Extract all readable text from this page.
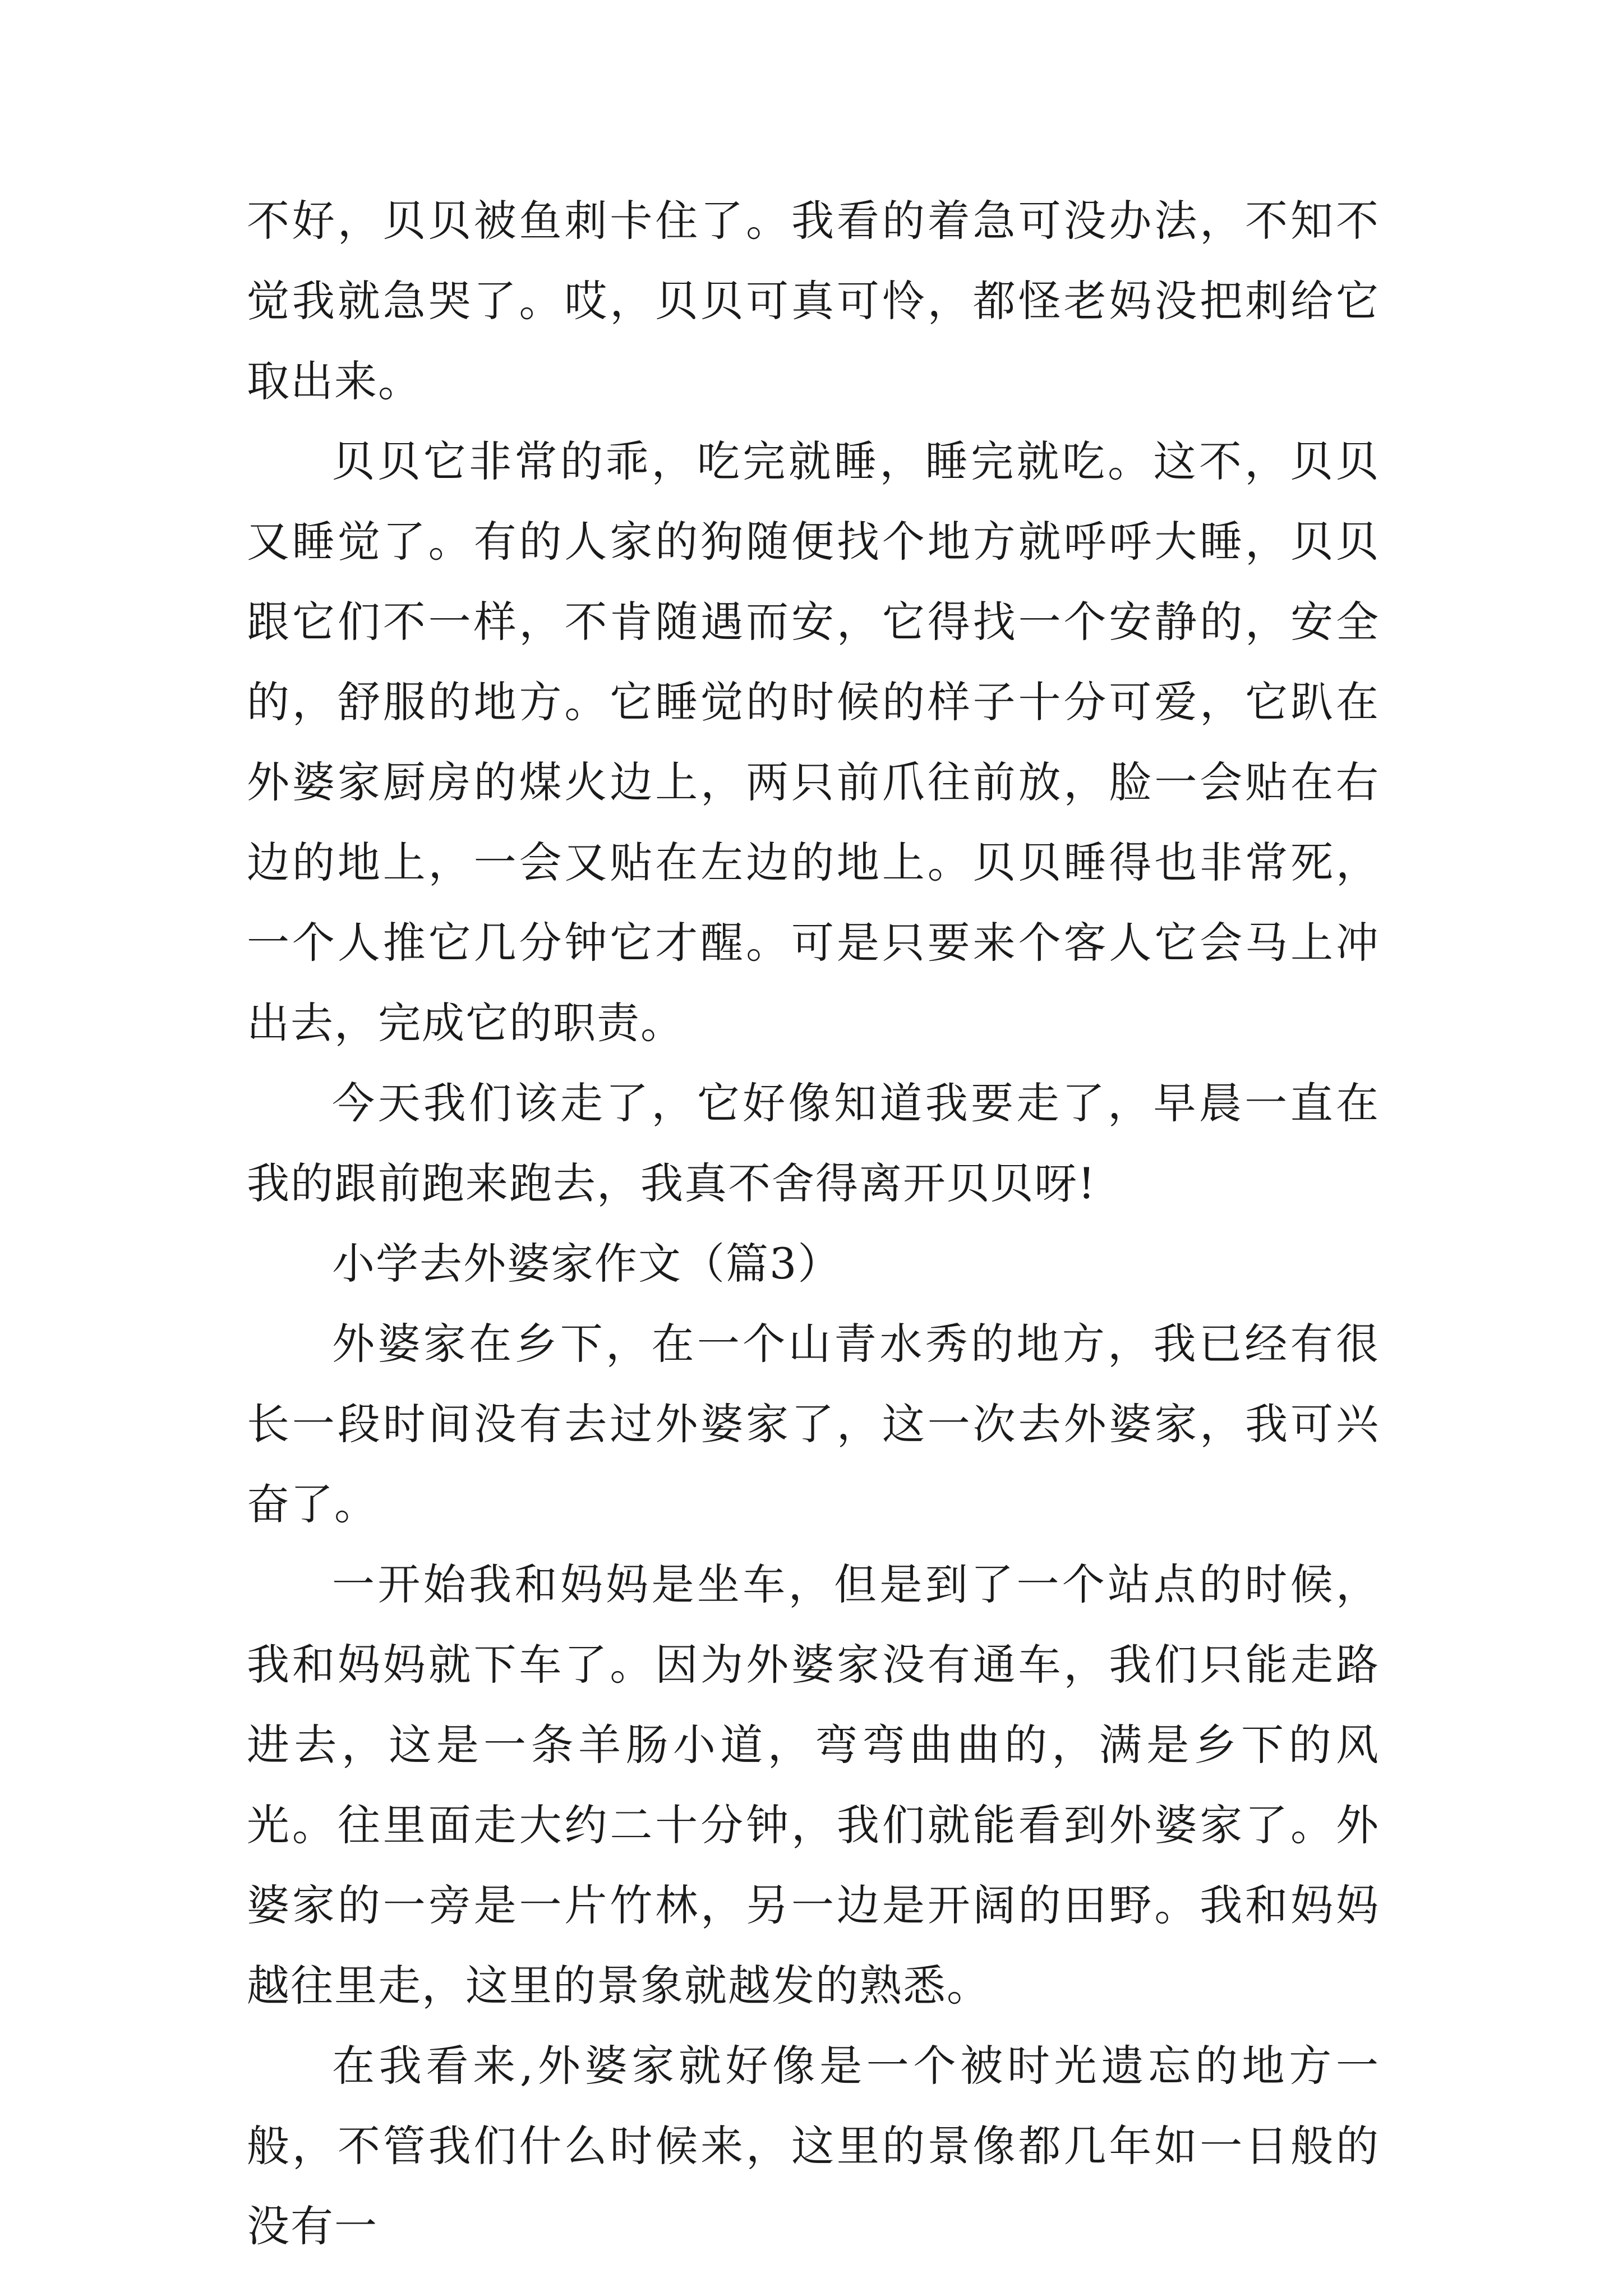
不好，贝贝被鱼刺卡住了。我看的着急可没办法，不知不觉我就急哭了。哎，贝贝可真可怜，都怪老妈没把刺给它取出来。

贝贝它非常的乖，吃完就睡，睡完就吃。这不，贝贝又睡觉了。有的人家的狗随便找个地方就呼呼大睡，贝贝跟它们不一样，不肯随遇而安，它得找一个安静的，安全的，舒服的地方。它睡觉的时候的样子十分可爱，它趴在外婆家厨房的煤火边上，两只前爪往前放，脸一会贴在右边的地上，一会又贴在左边的地上。贝贝睡得也非常死，一个人推它几分钟它才醒。可是只要来个客人它会马上冲出去，完成它的职责。

今天我们该走了，它好像知道我要走了，早晨一直在我的跟前跑来跑去，我真不舍得离开贝贝呀!

小学去外婆家作文（篇3）

外婆家在乡下，在一个山青水秀的地方，我已经有很长一段时间没有去过外婆家了，这一次去外婆家，我可兴奋了。

一开始我和妈妈是坐车，但是到了一个站点的时候，我和妈妈就下车了。因为外婆家没有通车，我们只能走路进去，这是一条羊肠小道，弯弯曲曲的，满是乡下的风光。往里面走大约二十分钟，我们就能看到外婆家了。外婆家的一旁是一片竹林，另一边是开阔的田野。我和妈妈越往里走，这里的景象就越发的熟悉。

在我看来,外婆家就好像是一个被时光遗忘的地方一般，不管我们什么时候来，这里的景像都几年如一日般的没有一
